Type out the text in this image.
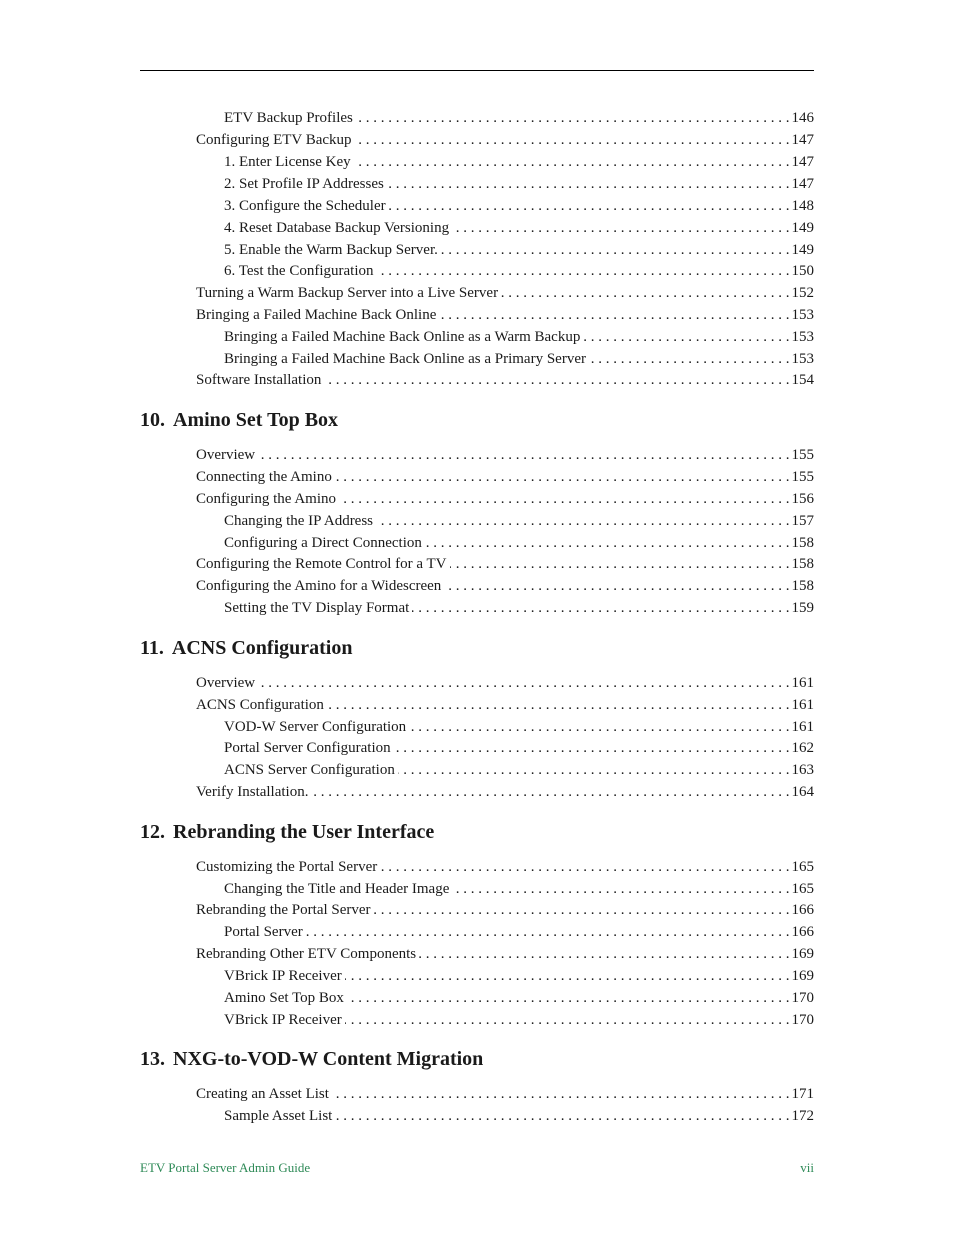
ETV Backup Profiles . . .	146
Configuring ETV Backup . . .	147
1. Enter License Key . . .	147
2. Set Profile IP Addresses . . .	147
3. Configure the Scheduler . . .	148
4. Reset Database Backup Versioning . . .	149
5. Enable the Warm Backup Server. . . .	149
6. Test the Configuration . . .	150
Turning a Warm Backup Server into a Live Server . . .	152
Bringing a Failed Machine Back Online . . .	153
Bringing a Failed Machine Back Online as a Warm Backup . . .	153
Bringing a Failed Machine Back Online as a Primary Server . . .	153
Software Installation . . .	154
10. Amino Set Top Box
Overview . . .	155
Connecting the Amino . . .	155
Configuring the Amino . . .	156
Changing the IP Address . . .	157
Configuring a Direct Connection . . .	158
Configuring the Remote Control for a TV . . .	158
Configuring the Amino for a Widescreen . . .	158
Setting the TV Display Format . . .	159
11. ACNS Configuration
Overview . . .	161
ACNS Configuration . . .	161
VOD-W Server Configuration . . .	161
Portal Server Configuration . . .	162
ACNS Server Configuration . . .	163
Verify Installation. . . .	164
12. Rebranding the User Interface
Customizing the Portal Server . . .	165
Changing the Title and Header Image . . .	165
Rebranding the Portal Server . . .	166
Portal Server . . .	166
Rebranding Other ETV Components . . .	169
VBrick IP Receiver . . .	169
Amino Set Top Box . . .	170
VBrick IP Receiver . . .	170
13. NXG-to-VOD-W Content Migration
Creating an Asset List . . .	171
Sample Asset List . . .	172
ETV Portal Server Admin Guide	vii
